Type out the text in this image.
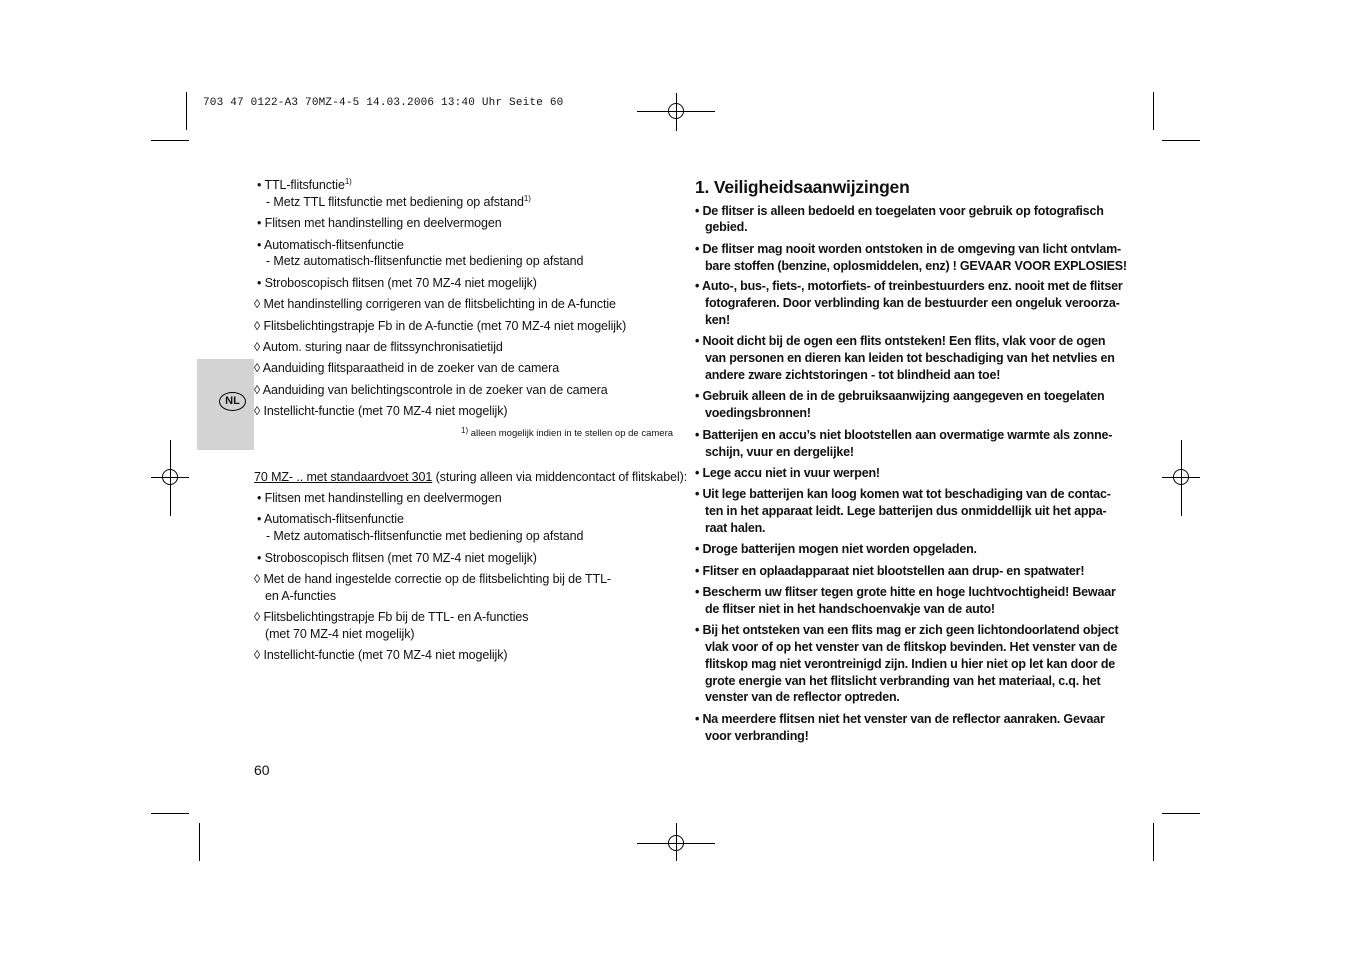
703 47 0122-A3 70MZ-4-5 14.03.2006 13:40 Uhr Seite 60
NL
• TTL-flitsfunctie$^{1)}$
- Metz TTL flitsfunctie met bediening op afstand$^{1)}$
• Flitsen met handinstelling en deelvermogen
• Automatisch-flitsenfunctie
- Metz automatisch-flitsenfunctie met bediening op afstand
• Stroboscopisch flitsen (met 70 MZ-4 niet mogelijk)
◊ Met handinstelling corrigeren van de flitsbelichting in de A-functie
◊ Flitsbelichtingstrapje Fb in de A-functie (met 70 MZ-4 niet mogelijk)
◊ Autom. sturing naar de flitssynchronisatietijd
◊ Aanduiding flitsparaatheid in de zoeker van de camera
◊ Aanduiding van belichtingscontrole in de zoeker van de camera
◊ Instellicht-functie (met 70 MZ-4 niet mogelijk)
$^{1)}$ alleen mogelijk indien in te stellen op de camera
70 MZ- .. met standaardvoet 301 (sturing alleen via middencontact of flitskabel):
• Flitsen met handinstelling en deelvermogen
• Automatisch-flitsenfunctie
- Metz automatisch-flitsenfunctie met bediening op afstand
• Stroboscopisch flitsen (met 70 MZ-4 niet mogelijk)
◊ Met de hand ingestelde correctie op de flitsbelichting bij de TTL-
en A-functies
◊ Flitsbelichtingstrapje Fb bij de TTL- en A-functies
(met 70 MZ-4 niet mogelijk)
◊ Instellicht-functie (met 70 MZ-4 niet mogelijk)
1. Veiligheidsaanwijzingen
• De flitser is alleen bedoeld en toegelaten voor gebruik op fotografisch
gebied.
• De flitser mag nooit worden ontstoken in de omgeving van licht ontvlam-
bare stoffen (benzine, oplosmiddelen, enz) ! GEVAAR VOOR EXPLOSIES!
• Auto-, bus-, fiets-, motorfiets- of treinbestuurders enz. nooit met de flitser
fotograferen. Door verblinding kan de bestuurder een ongeluk veroorza-
ken!
• Nooit dicht bij de ogen een flits ontsteken! Een flits, vlak voor de ogen
van personen en dieren kan leiden tot beschadiging van het netvlies en
andere zware zichtstoringen - tot blindheid aan toe!
• Gebruik alleen de in de gebruiksaanwijzing aangegeven en toegelaten
voedingsbronnen!
• Batterijen en accu’s niet blootstellen aan overmatige warmte als zonne-
schijn, vuur en dergelijke!
• Lege accu niet in vuur werpen!
• Uit lege batterijen kan loog komen wat tot beschadiging van de contac-
ten in het apparaat leidt. Lege batterijen dus onmiddellijk uit het appa-
raat halen.
• Droge batterijen mogen niet worden opgeladen.
• Flitser en oplaadapparaat niet blootstellen aan drup- en spatwater!
• Bescherm uw flitser tegen grote hitte en hoge luchtvochtigheid! Bewaar
de flitser niet in het handschoenvakje van de auto!
• Bij het ontsteken van een flits mag er zich geen lichtondoorlatend object
vlak voor of op het venster van de flitskop bevinden. Het venster van de
flitskop mag niet verontreinigd zijn. Indien u hier niet op let kan door de
grote energie van het flitslicht verbranding van het materiaal, c.q. het
venster van de reflector optreden.
• Na meerdere flitsen niet het venster van de reflector aanraken. Gevaar
voor verbranding!
60
